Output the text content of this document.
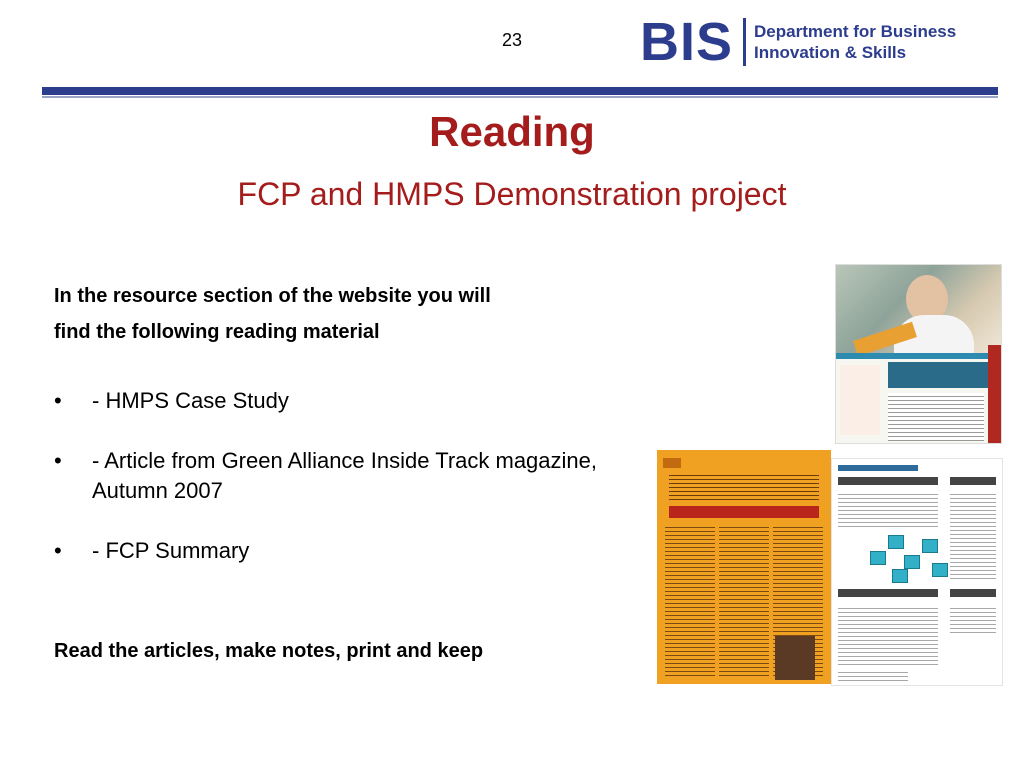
23 BIS Department for Business
Innovation & Skills
Reading
FCP and HMPS Demonstration project
In the resource section of the website you will
find the following reading material
•	- HMPS Case Study
•	- Article from Green Alliance Inside Track magazine, Autumn 2007
•	- FCP Summary
Read the articles, make notes, print and keep
